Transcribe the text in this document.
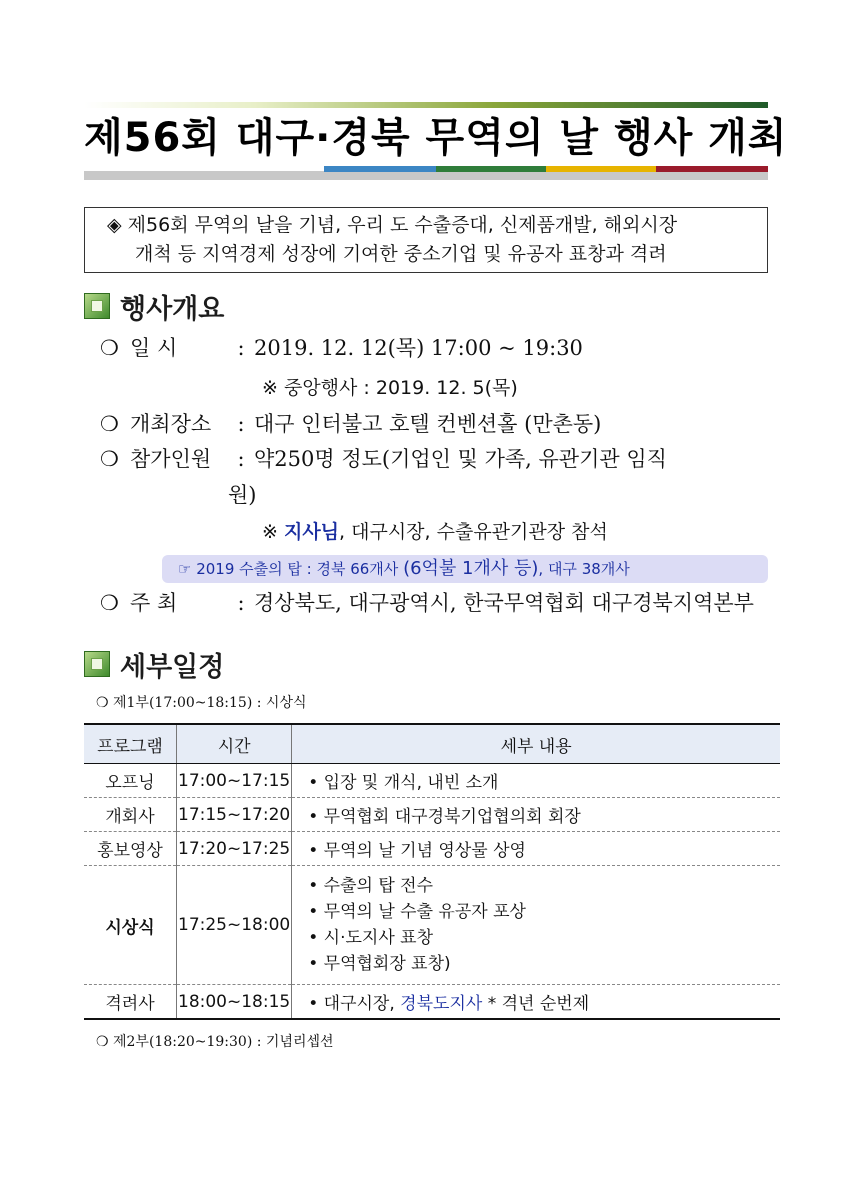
제56회 대구·경북 무역의 날 행사 개최
◈ 제56회 무역의 날을 기념, 우리 도 수출증대, 신제품개발, 해외시장
개척 등 지역경제 성장에 기여한 중소기업 및 유공자 표창과 격려
행사개요
❍ 일 시	: 2019. 12. 12(목) 17:00 ~ 19:30
※ 중앙행사 : 2019. 12. 5(목)
❍ 개최장소 : 대구 인터불고 호텔 컨벤션홀 (만촌동)
❍ 참가인원 : 약250명 정도(기업인 및 가족, 유관기관 임직
원)
※ 지사님, 대구시장, 수출유관기관장 참석
☞ 2019 수출의 탑 : 경북 66개사 (6억불 1개사 등), 대구 38개사
❍ 주 최	: 경상북도, 대구광역시, 한국무역협회 대구경북지역본부
세부일정
❍ 제1부(17:00~18:15) : 시상식
프로그램	시간	세부 내용
오프닝	17:00~17:15	• 입장 및 개식, 내빈 소개
개회사	17:15~17:20	• 무역협회 대구경북기업협의회 회장
홍보영상	17:20~17:25	• 무역의 날 기념 영상물 상영
시상식	17:25~18:00	• 수출의 탑 전수
• 무역의 날 수출 유공자 포상
• 시·도지사 표창
• 무역협회장 표창)

격려사	18:00~18:15	• 대구시장, 경북도지사 * 격년 순번제
❍ 제2부(18:20~19:30) : 기념리셉션
